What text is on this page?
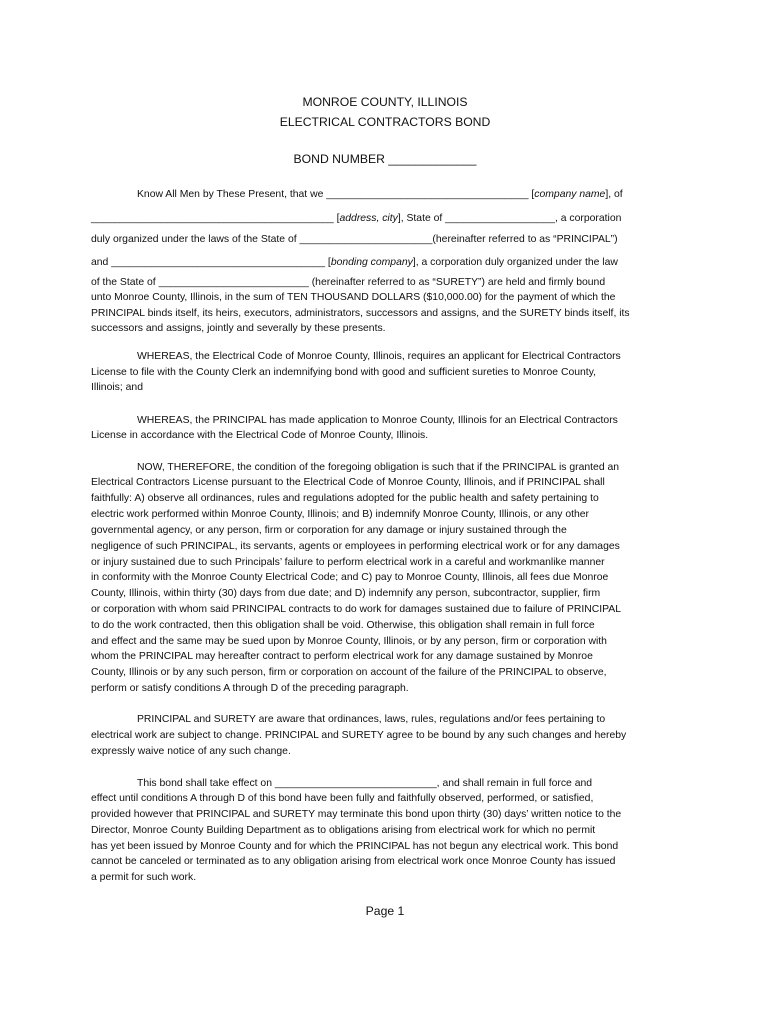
MONROE COUNTY, ILLINOIS
ELECTRICAL CONTRACTORS BOND
BOND NUMBER _____________
Know All Men by These Present, that we ___________________________________ [company name], of
__________________________________________ [address, city], State of ___________________, a corporation
duly organized under the laws of the State of _______________________(hereinafter referred to as “PRINCIPAL”)
and _____________________________________ [bonding company], a corporation duly organized under the law
of the State of __________________________ (hereinafter referred to as “SURETY”) are held and firmly bound
unto Monroe County, Illinois, in the sum of TEN THOUSAND DOLLARS ($10,000.00) for the payment of which the
PRINCIPAL binds itself, its heirs, executors, administrators, successors and assigns, and the SURETY binds itself, its
successors and assigns, jointly and severally by these presents.
WHEREAS, the Electrical Code of Monroe County, Illinois, requires an applicant for Electrical Contractors
License to file with the County Clerk an indemnifying bond with good and sufficient sureties to Monroe County,
Illinois; and
WHEREAS, the PRINCIPAL has made application to Monroe County, Illinois for an Electrical Contractors
License in accordance with the Electrical Code of Monroe County, Illinois.
NOW, THEREFORE, the condition of the foregoing obligation is such that if the PRINCIPAL is granted an
Electrical Contractors License pursuant to the Electrical Code of Monroe County, Illinois, and if PRINCIPAL shall
faithfully: A) observe all ordinances, rules and regulations adopted for the public health and safety pertaining to
electric work performed within Monroe County, Illinois; and B) indemnify Monroe County, Illinois, or any other
governmental agency, or any person, firm or corporation for any damage or injury sustained through the
negligence of such PRINCIPAL, its servants, agents or employees in performing electrical work or for any damages
or injury sustained due to such Principals’ failure to perform electrical work in a careful and workmanlike manner
in conformity with the Monroe County Electrical Code; and C) pay to Monroe County, Illinois, all fees due Monroe
County, Illinois, within thirty (30) days from due date; and D) indemnify any person, subcontractor, supplier, firm
or corporation with whom said PRINCIPAL contracts to do work for damages sustained due to failure of PRINCIPAL
to do the work contracted, then this obligation shall be void. Otherwise, this obligation shall remain in full force
and effect and the same may be sued upon by Monroe County, Illinois, or by any person, firm or corporation with
whom the PRINCIPAL may hereafter contract to perform electrical work for any damage sustained by Monroe
County, Illinois or by any such person, firm or corporation on account of the failure of the PRINCIPAL to observe,
perform or satisfy conditions A through D of the preceding paragraph.
PRINCIPAL and SURETY are aware that ordinances, laws, rules, regulations and/or fees pertaining to
electrical work are subject to change. PRINCIPAL and SURETY agree to be bound by any such changes and hereby
expressly waive notice of any such change.
This bond shall take effect on ____________________________, and shall remain in full force and
effect until conditions A through D of this bond have been fully and faithfully observed, performed, or satisfied,
provided however that PRINCIPAL and SURETY may terminate this bond upon thirty (30) days’ written notice to the
Director, Monroe County Building Department as to obligations arising from electrical work for which no permit
has yet been issued by Monroe County and for which the PRINCIPAL has not begun any electrical work. This bond
cannot be canceled or terminated as to any obligation arising from electrical work once Monroe County has issued
a permit for such work.
Page 1
